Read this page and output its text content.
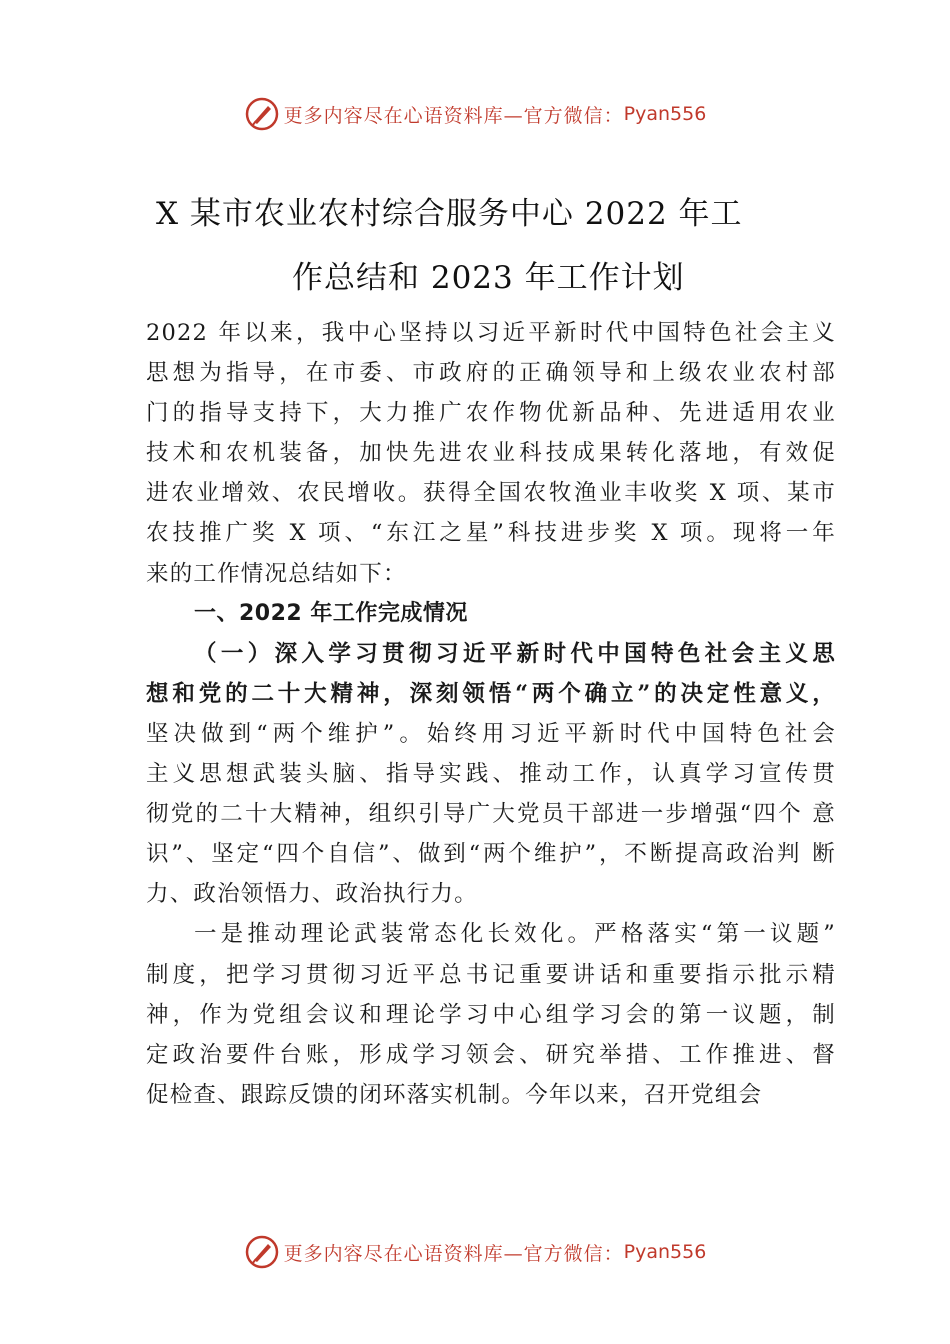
更多内容尽在心语资料库—官方微信： Pyan556
X 某市农业农村综合服务中心 2022 年工
作总结和 2023 年工作计划
2022 年以来，我中心坚持以习近平新时代中国特色社会主义
思想为指导，在市委、市政府的正确领导和上级农业农村部
门的指导支持下，大力推广农作物优新品种、先进适用农业
技术和农机装备，加快先进农业科技成果转化落地，有效促
进农业增效、农民增收。获得全国农牧渔业丰收奖 X 项、某市
农技推广奖 X 项、“东江之星”科技进步奖 X 项。现将一年
来的工作情况总结如下：
一、2022 年工作完成情况
（一）深入学习贯彻习近平新时代中国特色社会主义思
想和党的二十大精神，深刻领悟“两个确立”的决定性意义，
坚决做到“两个维护”。始终用习近平新时代中国特色社会
主义思想武装头脑、指导实践、推动工作，认真学习宣传贯
彻党的二十大精神，组织引导广大党员干部进一步增强“四个 意
识”、坚定“四个自信”、做到“两个维护”，不断提高政治判 断
力、政治领悟力、政治执行力。
一是推动理论武装常态化长效化。严格落实“第一议题”
制度，把学习贯彻习近平总书记重要讲话和重要指示批示精
神，作为党组会议和理论学习中心组学习会的第一议题，制
定政治要件台账，形成学习领会、研究举措、工作推进、督
促检查、跟踪反馈的闭环落实机制。今年以来，召开党组会
更多内容尽在心语资料库—官方微信： Pyan556
